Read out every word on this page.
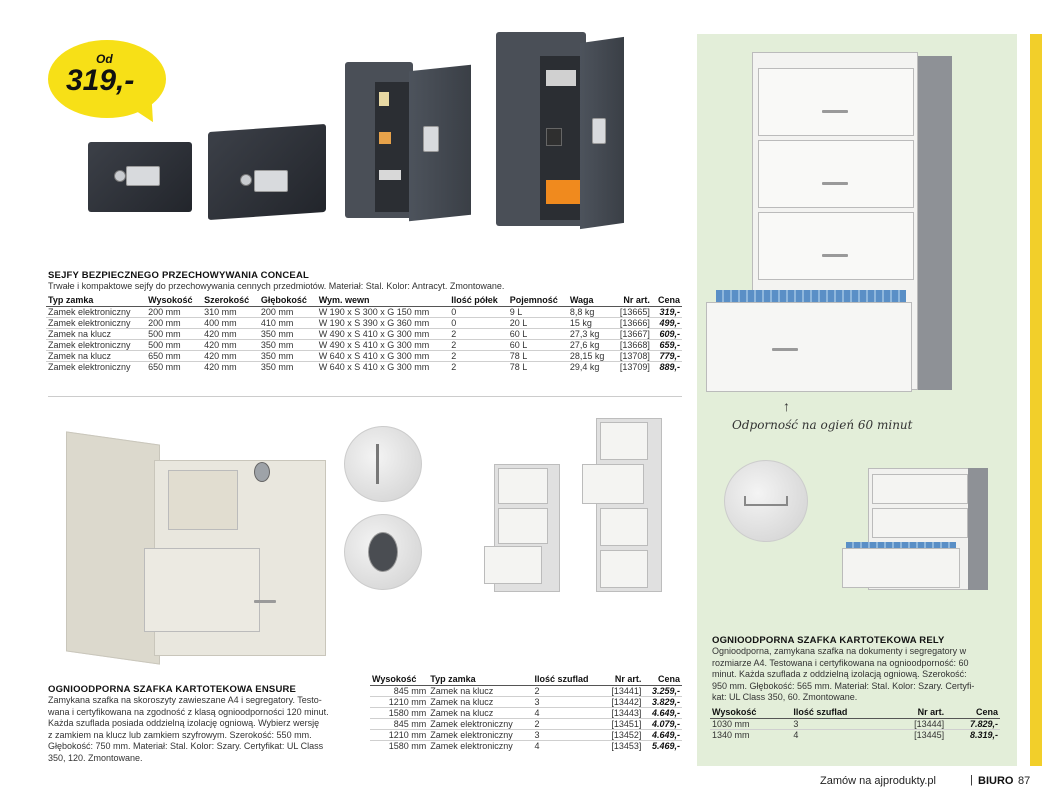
Od
319,-
SEJFY BEZPIECZNEGO PRZECHOWYWANIA CONCEAL
Trwałe i kompaktowe sejfy do przechowywania cennych przedmiotów. Materiał: Stal. Kolor: Antracyt. Zmontowane.
Typ zamka	Wysokość	Szerokość	Głębokość	Wym. wewn	Ilość półek	Pojemność	Waga	Nr art.	Cena
Zamek elektroniczny	200 mm	310 mm	200 mm	W 190 x S 300 x G 150 mm	0	9 L	8,8 kg	[13665]	319,-
Zamek elektroniczny	200 mm	400 mm	410 mm	W 190 x S 390 x G 360 mm	0	20 L	15 kg	[13666]	499,-
Zamek na klucz	500 mm	420 mm	350 mm	W 490 x S 410 x G 300 mm	2	60 L	27,3 kg	[13667]	609,-
Zamek elektroniczny	500 mm	420 mm	350 mm	W 490 x S 410 x G 300 mm	2	60 L	27,6 kg	[13668]	659,-
Zamek na klucz	650 mm	420 mm	350 mm	W 640 x S 410 x G 300 mm	2	78 L	28,15 kg	[13708]	779,-
Zamek elektroniczny	650 mm	420 mm	350 mm	W 640 x S 410 x G 300 mm	2	78 L	29,4 kg	[13709]	889,-
OGNIOODPORNA SZAFKA KARTOTEKOWA ENSURE
Zamykana szafka na skoroszyty zawieszane A4 i segregatory. Testo-
wana i certyfikowana na zgodność z klasą ognioodporności 120 minut.
Każda szuflada posiada oddzielną izolację ogniową. Wybierz wersję
z zamkiem na klucz lub zamkiem szyfrowym. Szerokość: 550 mm.
Głębokość: 750 mm. Materiał: Stal. Kolor: Szary. Certyfikat: UL Class
350, 120. Zmontowane.
Wysokość	Typ zamka	Ilość szuflad	Nr art.	Cena
845 mm	Zamek na klucz	2	[13441]	3.259,-
1210 mm	Zamek na klucz	3	[13442]	3.829,-
1580 mm	Zamek na klucz	4	[13443]	4.649,-
845 mm	Zamek elektroniczny	2	[13451]	4.079,-
1210 mm	Zamek elektroniczny	3	[13452]	4.649,-
1580 mm	Zamek elektroniczny	4	[13453]	5.469,-
↑
Odporność na ogień 60 minut
OGNIOODPORNA SZAFKA KARTOTEKOWA RELY
Ognioodporna, zamykana szafka na dokumenty i segregatory w
rozmiarze A4. Testowana i certyfikowana na ognioodporność: 60
minut. Każda szuflada z oddzielną izolacją ogniową. Szerokość:
950 mm. Głębokość: 565 mm. Materiał: Stal. Kolor: Szary. Certyfi-
kat: UL Class 350, 60. Zmontowane.
Wysokość	Ilość szuflad	Nr art.	Cena
1030 mm	3	[13444]	7.829,-
1340 mm	4	[13445]	8.319,-
Zamów na ajprodukty.pl	| BIURO 87
